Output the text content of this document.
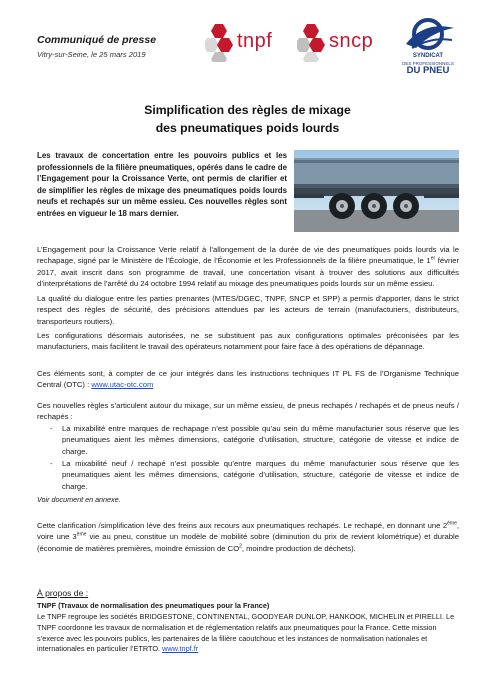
Communiqué de presse
Vitry-sur-Seine, le 25 mars 2019
tnpf	sncp
SYNDICAT
DES PROFESSIONNELS
DU PNEU
Simplification des règles de mixage
des pneumatiques poids lourds
Les travaux de concertation entre les pouvoirs publics et les professionnels de la filière pneumatiques, opérés dans le cadre de l’Engagement pour la Croissance Verte, ont permis de clarifier et de simplifier les règles de mixage des pneumatiques poids lourds neufs et rechapés sur un même essieu. Ces nouvelles règles sont entrées en vigueur le 18 mars dernier.
L’Engagement pour la Croissance Verte relatif à l’allongement de la durée de vie des pneumatiques poids lourds via le rechapage, signé par le Ministère de l’Écologie, de l’Économie et les Professionnels de la filière pneumatique, le 1er février 2017, avait inscrit dans son programme de travail, une concertation visant à trouver des solutions aux difficultés d’interprétations de l’arrêté du 24 octobre 1994 relatif au mixage des pneumatiques poids lourds sur un même essieu.
La qualité du dialogue entre les parties prenantes (MTES/DGEC, TNPF, SNCP et SPP) a permis d’apporter, dans le strict respect des règles de sécurité, des précisions attendues par les acteurs de terrain (manufacturiers, distributeurs, transporteurs routiers).
Les configurations désormais autorisées, ne se substituent pas aux configurations optimales préconisées par les manufacturiers, mais facilitent le travail des opérateurs notamment pour faire face à des opérations de dépannage.
Ces éléments sont, à compter de ce jour intégrés dans les instructions techniques IT PL FS de l’Organisme Technique Central (OTC) : www.utac-otc.com
Ces nouvelles règles s’articulent autour du mixage, sur un même essieu, de pneus rechapés / rechapés et de pneus neufs / rechapés :
- La mixabilité entre marques de rechapage n’est possible qu’au sein du même manufacturier sous réserve que les pneumatiques aient les mêmes dimensions, catégorie d’utilisation, structure, catégorie de vitesse et indice de charge.
- La mixabilité neuf / rechapé n’est possible qu’entre marques du même manufacturier sous réserve que les pneumatiques aient les mêmes dimensions, catégorie d’utilisation, structure, catégorie de vitesse et indice de charge.
Voir document en annexe.
Cette clarification /simplification lève des freins aux recours aux pneumatiques rechapés. Le rechapé, en donnant une 2ème, voire une 3ème vie au pneu, constitue un modèle de mobilité sobre (diminution du prix de revient kilométrique) et durable (économie de matières premières, moindre émission de $CO^2$, moindre production de déchets).
À propos de :
TNPF (Travaux de normalisation des pneumatiques pour la France)
Le TNPF regroupe les sociétés BRIDGESTONE, CONTINENTAL, GOODYEAR DUNLOP, HANKOOK, MICHELIN et PIRELLI. Le TNPF coordonne les travaux de normalisation et de réglementation relatifs aux pneumatiques pour la France. Cette mission s’exerce avec les pouvoirs publics, les partenaires de la filière caoutchouc et les instances de normalisation nationales et internationales en particulier l’ETRTO. www.tnpf.fr
